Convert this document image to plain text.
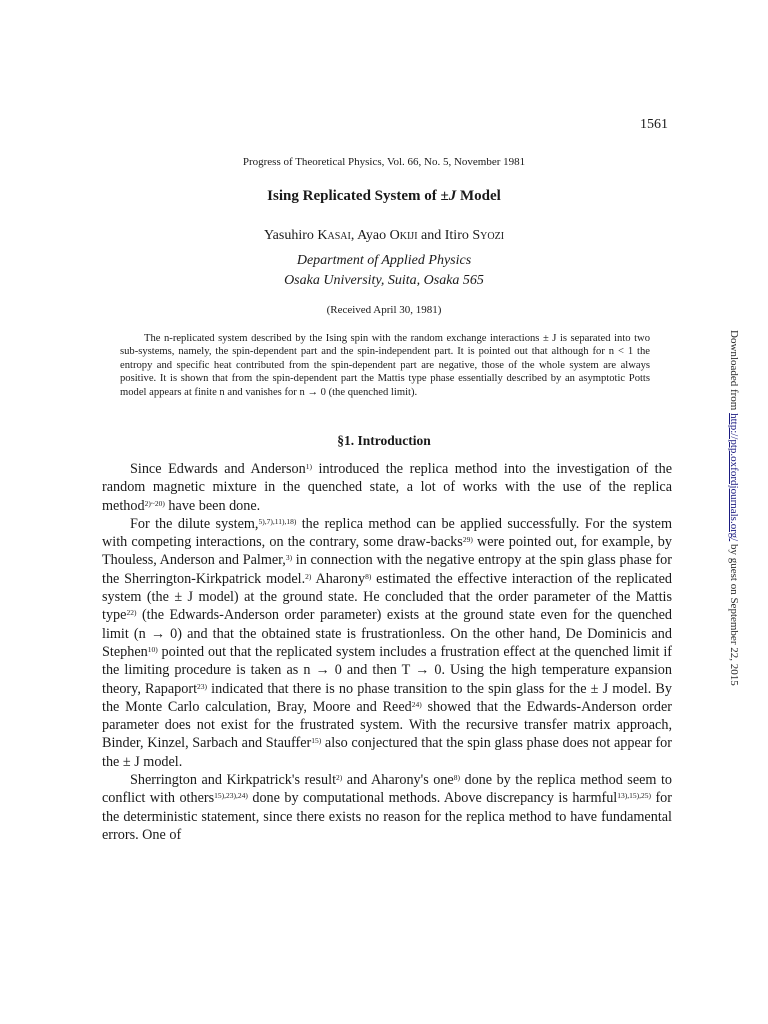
1561
Progress of Theoretical Physics, Vol. 66, No. 5, November 1981
Ising Replicated System of ±J Model
Yasuhiro Kasai, Ayao Okiji and Itiro Syozi
Department of Applied Physics
Osaka University, Suita, Osaka 565
(Received April 30, 1981)

The n-replicated system described by the Ising spin with the random exchange interactions ± J is separated into two sub-systems, namely, the spin-dependent part and the spin-independent part. It is pointed out that although for n < 1 the entropy and specific heat contributed from the spin-dependent part are negative, those of the whole system are always positive. It is shown that from the spin-dependent part the Mattis type phase essentially described by an asymptotic Potts model appears at finite n and vanishes for n → 0 (the quenched limit).

§1. Introduction

Since Edwards and Anderson$^{1)}$ introduced the replica method into the investigation of the random magnetic mixture in the quenched state, a lot of works with the use of the replica method$^{2)\sim 20)}$ have been done.

For the dilute system,$^{5),7),11),18)}$ the replica method can be applied successfully. For the system with competing interactions, on the contrary, some draw-backs$^{29)}$ were pointed out, for example, by Thouless, Anderson and Palmer,$^{3)}$ in connection with the negative entropy at the spin glass phase for the Sherrington-Kirkpatrick model.$^{2)}$ Aharony$^{8)}$ estimated the effective interaction of the replicated system (the ± J model) at the ground state. He concluded that the order parameter of the Mattis type$^{22)}$ (the Edwards-Anderson order parameter) exists at the ground state even for the quenched limit (n → 0) and that the obtained state is frustrationless. On the other hand, De Dominicis and Stephen$^{10)}$ pointed out that the replicated system includes a frustration effect at the quenched limit if the limiting procedure is taken as n → 0 and then T → 0. Using the high temperature expansion theory, Rapaport$^{23)}$ indicated that there is no phase transition to the spin glass for the ± J model. By the Monte Carlo calculation, Bray, Moore and Reed$^{24)}$ showed that the Edwards-Anderson order parameter does not exist for the frustrated system. With the recursive transfer matrix approach, Binder, Kinzel, Sarbach and Stauffer$^{15)}$ also conjectured that the spin glass phase does not appear for the ± J model.

Sherrington and Kirkpatrick's result$^{2)}$ and Aharony's one$^{8)}$ done by the replica method seem to conflict with others$^{15),23),24)}$ done by computational methods. Above discrepancy is harmful$^{13),15),25)}$ for the deterministic statement, since there exists no reason for the replica method to have fundamental errors. One of

Downloaded from http://ptp.oxfordjournals.org/ by guest on September 22, 2015
